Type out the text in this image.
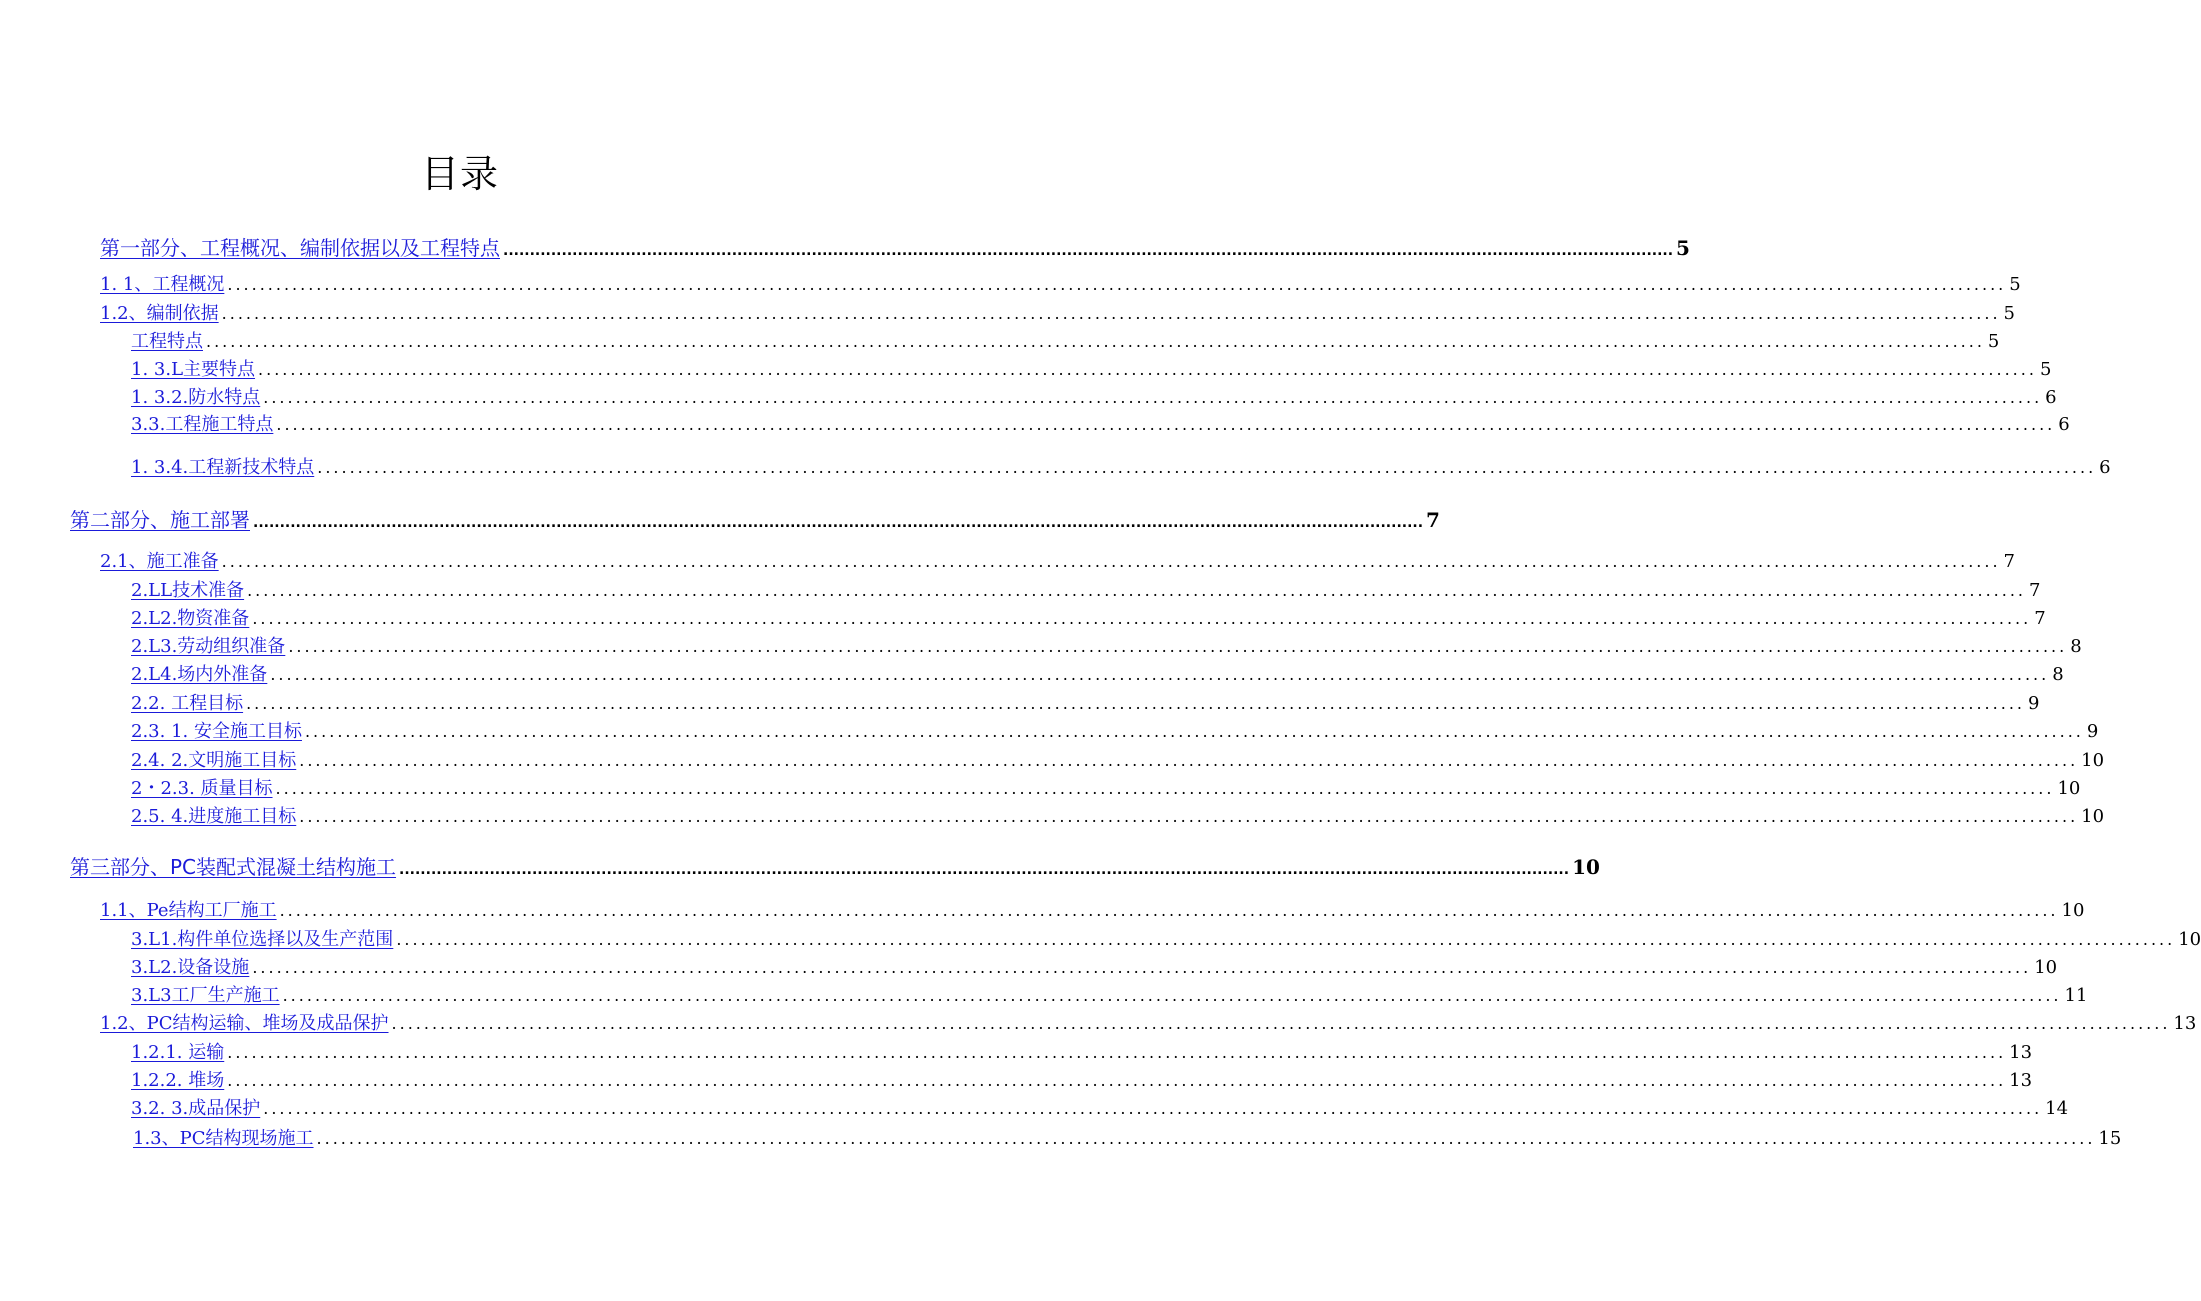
目录
第一部分、工程概况、编制依据以及工程特点 ............................................................................................................................................................................................................................ 5
1. 1、工程概况 ............................................................................................................................................................................................................................ 5
1.2、编制依据 ............................................................................................................................................................................................................................ 5
工程特点 ............................................................................................................................................................................................................................ 5
1. 3.L主要特点 ............................................................................................................................................................................................................................ 5
1. 3.2.防水特点 ............................................................................................................................................................................................................................ 6
3.3.工程施工特点 ............................................................................................................................................................................................................................ 6
1. 3.4.工程新技术特点 ............................................................................................................................................................................................................................ 6
第二部分、施工部署 ............................................................................................................................................................................................................................ 7
2.1、施工准备 ............................................................................................................................................................................................................................ 7
2.LL技术准备 ............................................................................................................................................................................................................................ 7
2.L2.物资准备 ............................................................................................................................................................................................................................ 7
2.L3.劳动组织准备 ............................................................................................................................................................................................................................ 8
2.L4.场内外准备 ............................................................................................................................................................................................................................ 8
2.2. 工程目标 ............................................................................................................................................................................................................................ 9
2.3. 1. 安全施工目标 ............................................................................................................................................................................................................................ 9
2.4. 2.文明施工目标 ............................................................................................................................................................................................................................ 10
2・2.3. 质量目标 ............................................................................................................................................................................................................................ 10
2.5. 4.进度施工目标 ............................................................................................................................................................................................................................ 10
第三部分、PC装配式混凝土结构施工 ............................................................................................................................................................................................................................ 10
1.1、Pe结构工厂施工 ............................................................................................................................................................................................................................ 10
3.L1.构件单位选择以及生产范围 ............................................................................................................................................................................................................................ 10
3.L2.设备设施 ............................................................................................................................................................................................................................ 10
3.L3工厂生产施工 ............................................................................................................................................................................................................................ 11
1.2、PC结构运输、堆场及成品保护 ............................................................................................................................................................................................................................ 13
1.2.1. 运输 ............................................................................................................................................................................................................................ 13
1.2.2. 堆场 ............................................................................................................................................................................................................................ 13
3.2. 3.成品保护 ............................................................................................................................................................................................................................ 14
1.3、PC结构现场施工 ............................................................................................................................................................................................................................ 15
